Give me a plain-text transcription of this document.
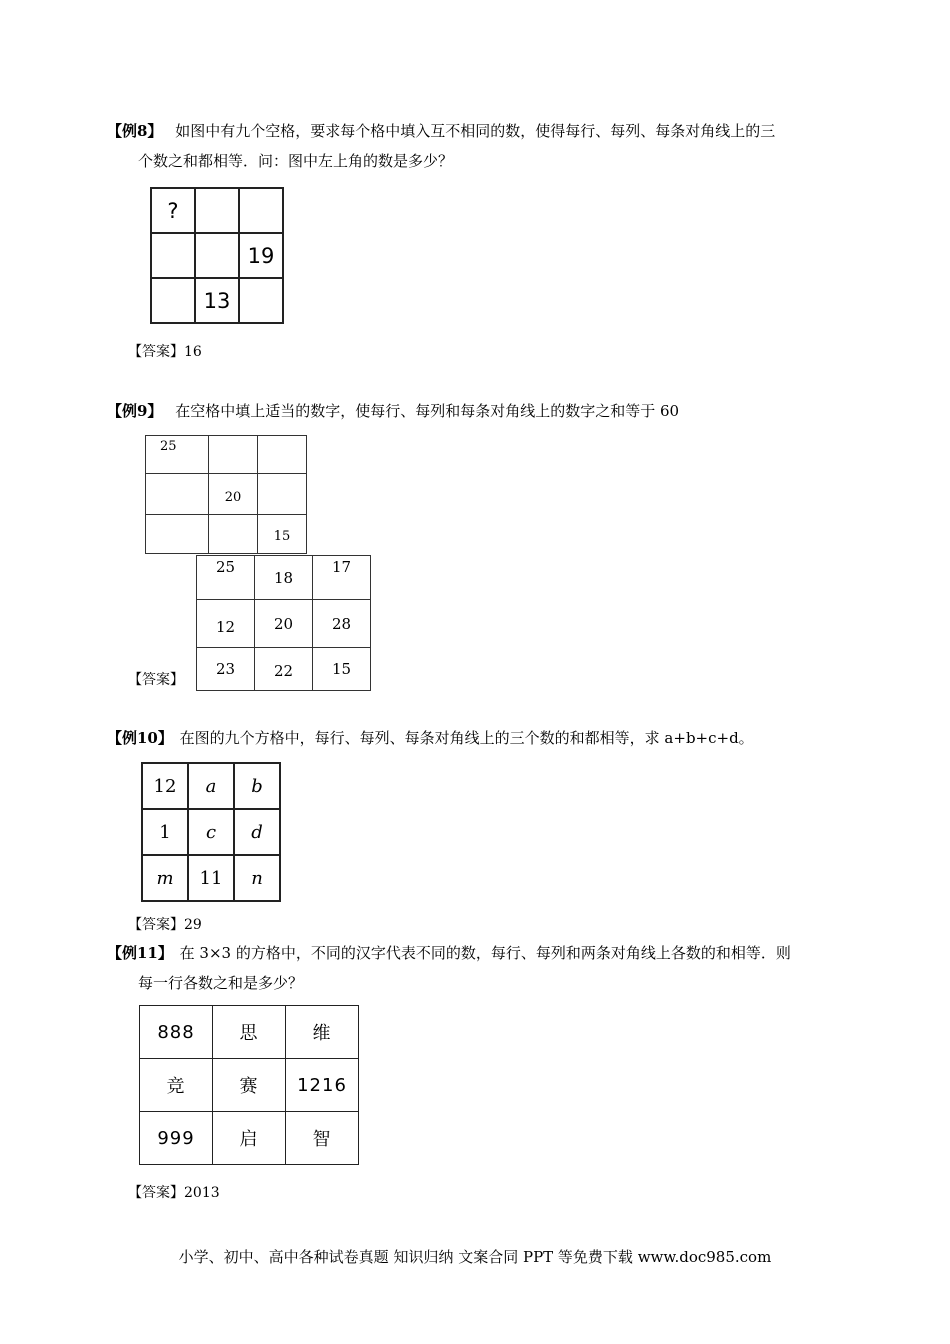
【例8】 如图中有九个空格，要求每个格中填入互不相同的数，使得每行、每列、每条对角线上的三
个数之和都相等．问：图中左上角的数是多少？
?		
		19
	13	
【答案】16
【例9】 在空格中填上适当的数字，使每行、每列和每条对角线上的数字之和等于 60
25		
	20	
		15
【答案】
25	18	17
12	20	28
23	22	15
【例10】 在图的九个方格中，每行、每列、每条对角线上的三个数的和都相等，求 a+b+c+d。
12	a	b
1	c	d
m	11	n
【答案】29
【例11】 在 3×3 的方格中，不同的汉字代表不同的数，每行、每列和两条对角线上各数的和相等．则
每一行各数之和是多少？
888	思	维
竞	赛	1216
999	启	智
【答案】2013
小学、初中、高中各种试卷真题 知识归纳 文案合同 PPT 等免费下载 www.doc985.com
